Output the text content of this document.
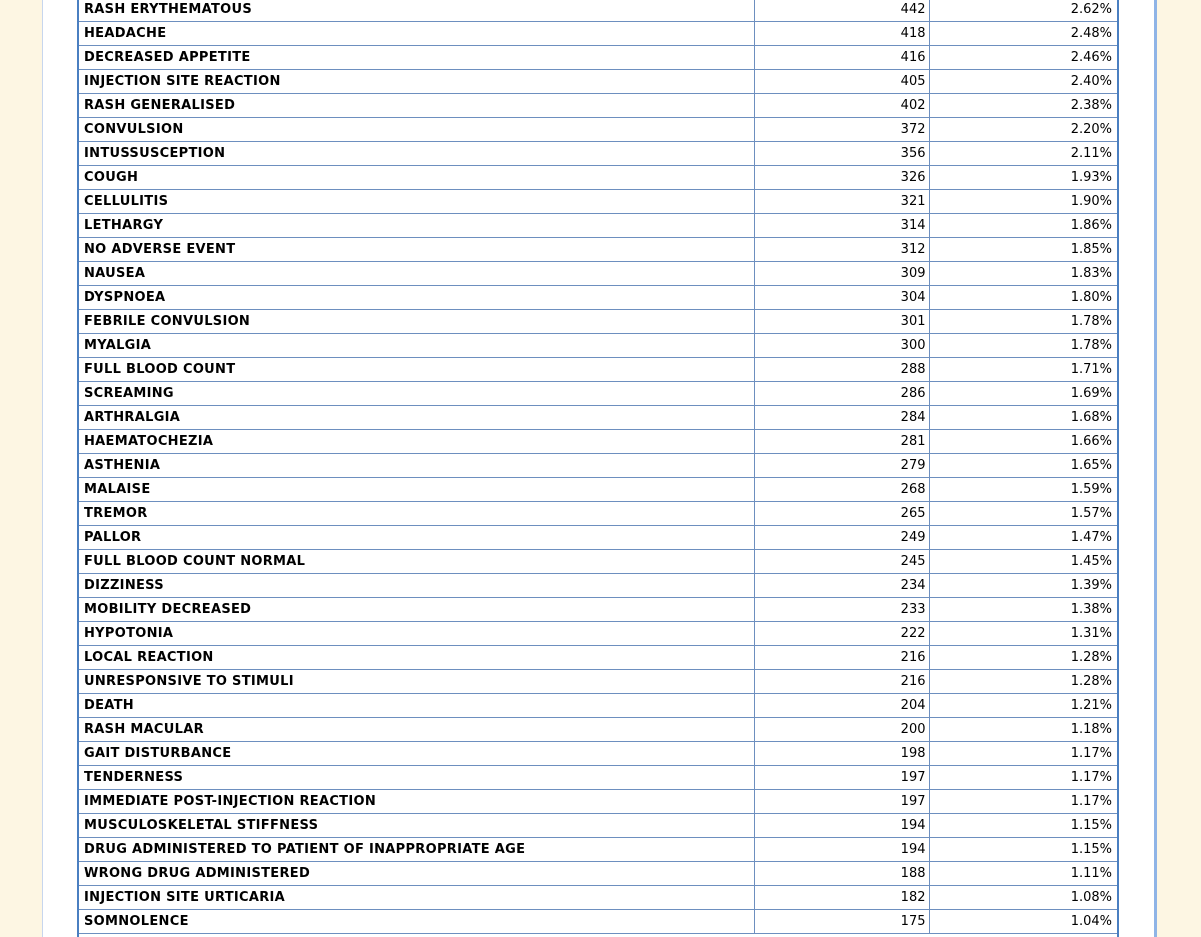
RASH ERYTHEMATOUS	442	2.62%
HEADACHE	418	2.48%
DECREASED APPETITE	416	2.46%
INJECTION SITE REACTION	405	2.40%
RASH GENERALISED	402	2.38%
CONVULSION	372	2.20%
INTUSSUSCEPTION	356	2.11%
COUGH	326	1.93%
CELLULITIS	321	1.90%
LETHARGY	314	1.86%
NO ADVERSE EVENT	312	1.85%
NAUSEA	309	1.83%
DYSPNOEA	304	1.80%
FEBRILE CONVULSION	301	1.78%
MYALGIA	300	1.78%
FULL BLOOD COUNT	288	1.71%
SCREAMING	286	1.69%
ARTHRALGIA	284	1.68%
HAEMATOCHEZIA	281	1.66%
ASTHENIA	279	1.65%
MALAISE	268	1.59%
TREMOR	265	1.57%
PALLOR	249	1.47%
FULL BLOOD COUNT NORMAL	245	1.45%
DIZZINESS	234	1.39%
MOBILITY DECREASED	233	1.38%
HYPOTONIA	222	1.31%
LOCAL REACTION	216	1.28%
UNRESPONSIVE TO STIMULI	216	1.28%
DEATH	204	1.21%
RASH MACULAR	200	1.18%
GAIT DISTURBANCE	198	1.17%
TENDERNESS	197	1.17%
IMMEDIATE POST-INJECTION REACTION	197	1.17%
MUSCULOSKELETAL STIFFNESS	194	1.15%
DRUG ADMINISTERED TO PATIENT OF INAPPROPRIATE AGE	194	1.15%
WRONG DRUG ADMINISTERED	188	1.11%
INJECTION SITE URTICARIA	182	1.08%
SOMNOLENCE	175	1.04%
